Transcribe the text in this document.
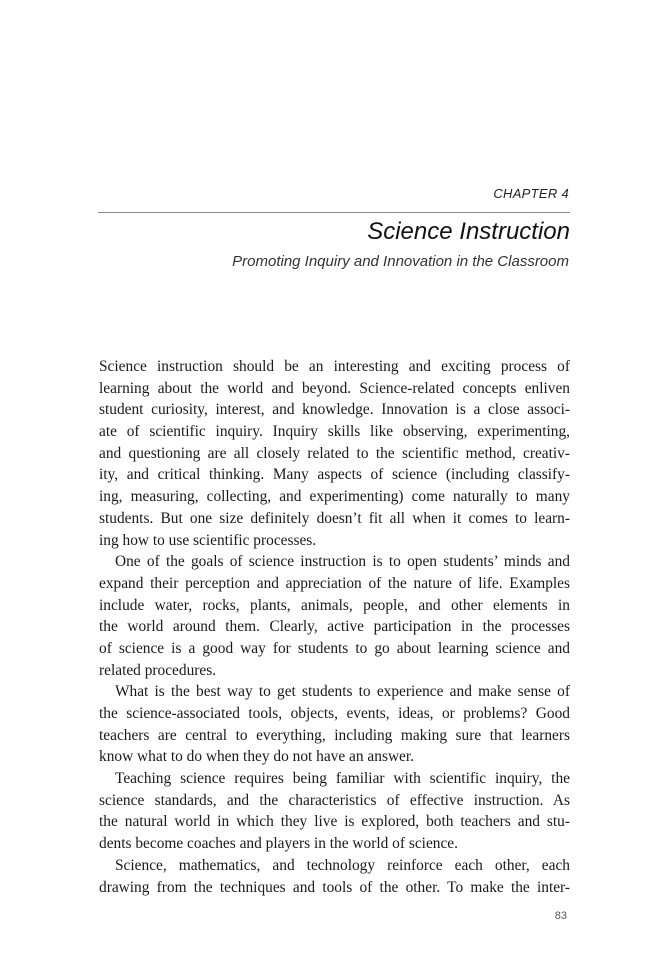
CHAPTER 4
Science Instruction
Promoting Inquiry and Innovation in the Classroom
Science instruction should be an interesting and exciting process of
learning about the world and beyond. Science-related concepts enliven
student curiosity, interest, and knowledge. Innovation is a close associ-
ate of scientific inquiry. Inquiry skills like observing, experimenting,
and questioning are all closely related to the scientific method, creativ-
ity, and critical thinking. Many aspects of science (including classify-
ing, measuring, collecting, and experimenting) come naturally to many
students. But one size definitely doesn’t fit all when it comes to learn-
ing how to use scientific processes.
One of the goals of science instruction is to open students’ minds and
expand their perception and appreciation of the nature of life. Examples
include water, rocks, plants, animals, people, and other elements in
the world around them. Clearly, active participation in the processes
of science is a good way for students to go about learning science and
related procedures.
What is the best way to get students to experience and make sense of
the science-associated tools, objects, events, ideas, or problems? Good
teachers are central to everything, including making sure that learners
know what to do when they do not have an answer.
Teaching science requires being familiar with scientific inquiry, the
science standards, and the characteristics of effective instruction. As
the natural world in which they live is explored, both teachers and stu-
dents become coaches and players in the world of science.
Science, mathematics, and technology reinforce each other, each
drawing from the techniques and tools of the other. To make the inter-
83
